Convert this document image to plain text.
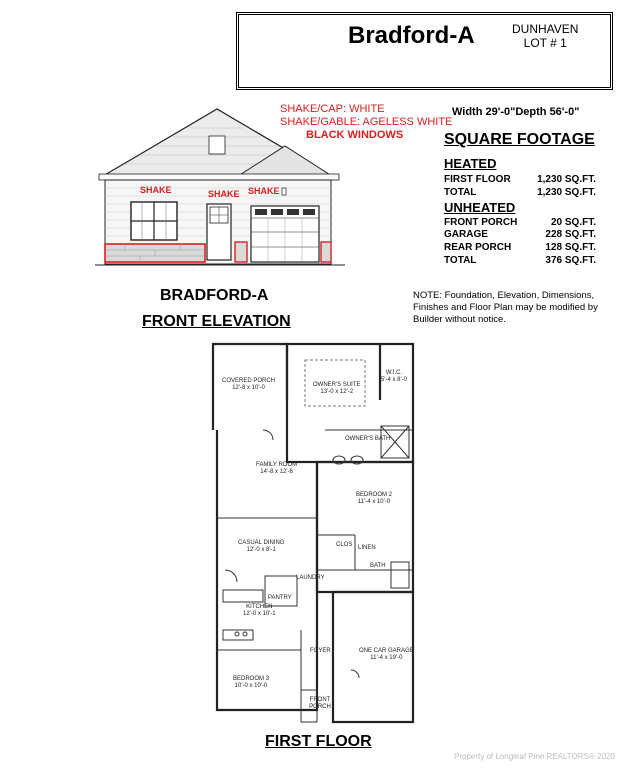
Bradford-A	DUNHAVEN
LOT # 1
SHAKE/CAP: WHITE
SHAKE/GABLE: AGELESS WHITE
BLACK WINDOWS
SHAKE	SHAKE SHAKE
Width 29'-0"Depth 56'-0"
SQUARE FOOTAGE
HEATED
FIRST FLOOR	1,230 SQ.FT.
TOTAL	1,230 SQ.FT.
UNHEATED
FRONT PORCH	20 SQ.FT.
GARAGE	228 SQ.FT.
REAR PORCH	128 SQ.FT.
TOTAL	376 SQ.FT.
BRADFORD-A
FRONT ELEVATION
NOTE: Foundation, Elevation, Dimensions, Finishes and Floor Plan may be modified by Builder without notice.
COVERED PORCH
12'-8 x 10'-0	OWNER'S SUITE
13'-0 x 12'-2
W.I.C.
5'-4 x 8'-0
OWNER'S BATH
FAMILY ROOM
14'-8 x 12'-6
BEDROOM 2
11'-4 x 10'-0
CASUAL DINING
12'-0 x 8'-1
CLOS LINEN
BATH
LAUNDRY
KITCHEN
12'-0 x 10'-1
PANTRY
FOYER	ONE CAR GARAGE
11'-4 x 19'-0
BEDROOM 3
10'-0 x 10'-0
FRONT PORCH
FIRST FLOOR
Property of Longleaf Pine REALTORS® 2020
